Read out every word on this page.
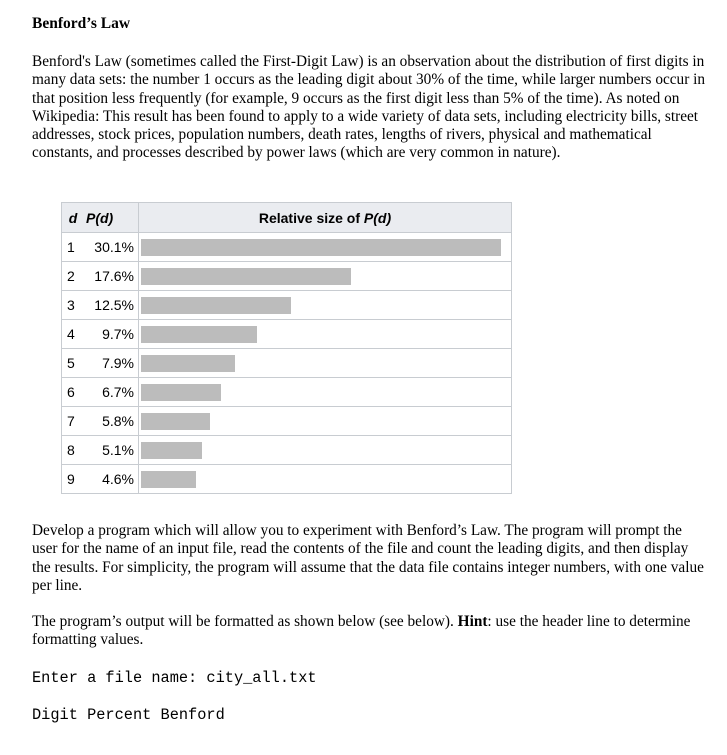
Benford’s Law

Benford's Law (sometimes called the First-Digit Law) is an observation about the distribution of first digits in many data sets: the number 1 occurs as the leading digit about 30% of the time, while larger numbers occur in that position less frequently (for example, 9 occurs as the first digit less than 5% of the time). As noted on Wikipedia: This result has been found to apply to a wide variety of data sets, including electricity bills, street addresses, stock prices, population numbers, death rates, lengths of rivers, physical and mathematical constants, and processes described by power laws (which are very common in nature).

Develop a program which will allow you to experiment with Benford’s Law. The program will prompt the user for the name of an input file, read the contents of the file and count the leading digits, and then display the results. For simplicity, the program will assume that the data file contains integer numbers, with one value per line.

The program’s output will be formatted as shown below (see below). Hint: use the header line to determine formatting values.

Enter a file name: city_all.txt
Digit Percent Benford
d	P(d)	Relative size of P(d)
1	30.1%	

2	17.6%	

3	12.5%	

4	9.7%	

5	7.9%	

6	6.7%	

7	5.8%	

8	5.1%	

9	4.6%	
